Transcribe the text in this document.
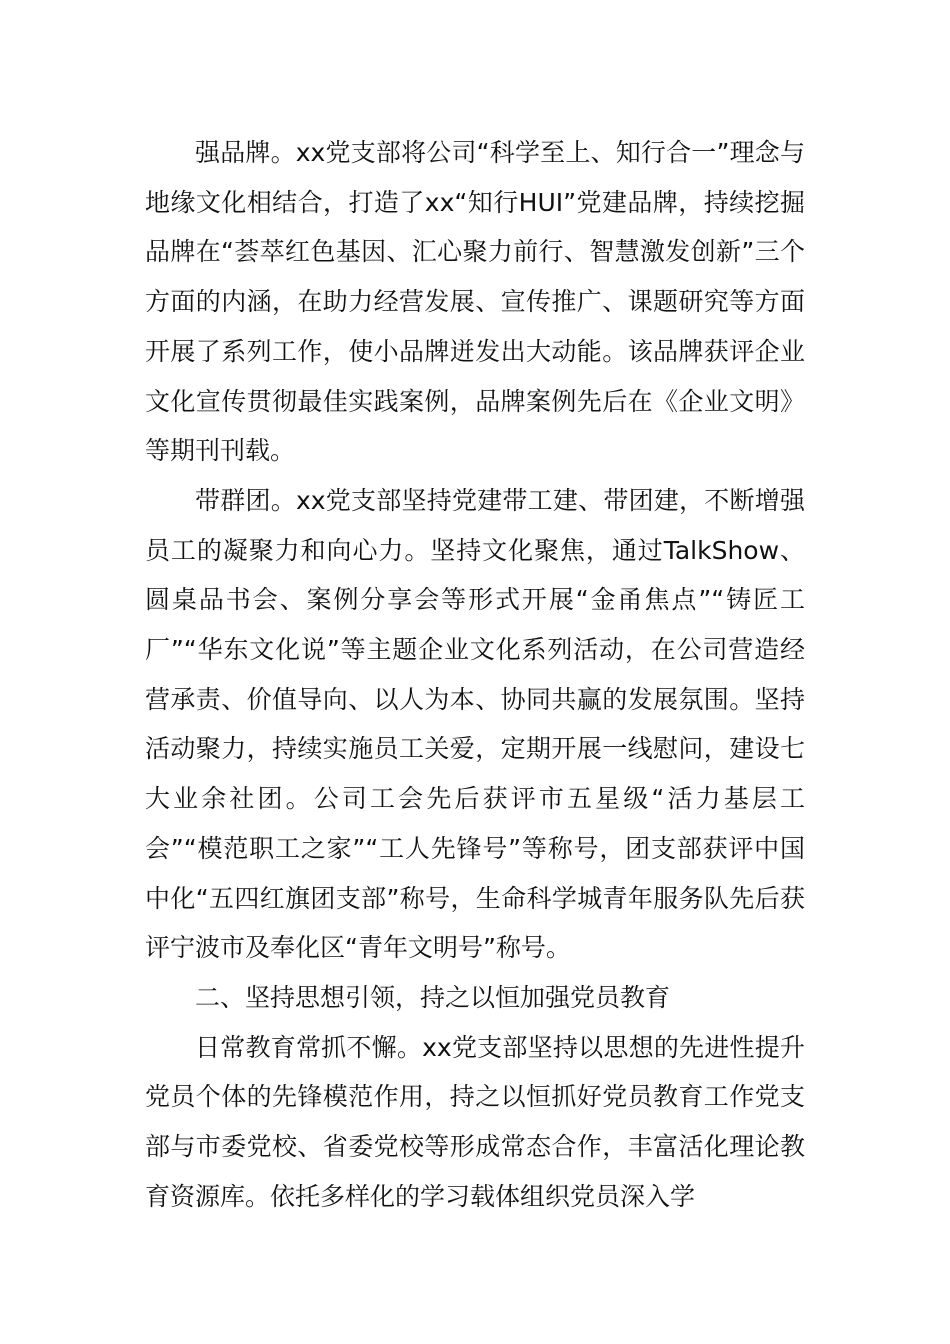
强品牌。xx党支部将公司“科学至上、知行合一”理念与地缘文化相结合，打造了xx“知行HUI”党建品牌，持续挖掘品牌在“荟萃红色基因、汇心聚力前行、智慧激发创新”三个方面的内涵，在助力经营发展、宣传推广、课题研究等方面开展了系列工作，使小品牌迸发出大动能。该品牌获评企业文化宣传贯彻最佳实践案例，品牌案例先后在《企业文明》等期刊刊载。

带群团。xx党支部坚持党建带工建、带团建，不断增强员工的凝聚力和向心力。坚持文化聚焦，通过TalkShow、圆桌品书会、案例分享会等形式开展“金甬焦点”“铸匠工厂”“华东文化说”等主题企业文化系列活动，在公司营造经营承责、价值导向、以人为本、协同共赢的发展氛围。坚持活动聚力，持续实施员工关爱，定期开展一线慰问，建设七大业余社团。公司工会先后获评市五星级“活力基层工会”“模范职工之家”“工人先锋号”等称号，团支部获评中国中化“五四红旗团支部”称号，生命科学城青年服务队先后获评宁波市及奉化区“青年文明号”称号。

二、坚持思想引领，持之以恒加强党员教育

日常教育常抓不懈。xx党支部坚持以思想的先进性提升党员个体的先锋模范作用，持之以恒抓好党员教育工作党支部与市委党校、省委党校等形成常态合作，丰富活化理论教育资源库。依托多样化的学习载体组织党员深入学
